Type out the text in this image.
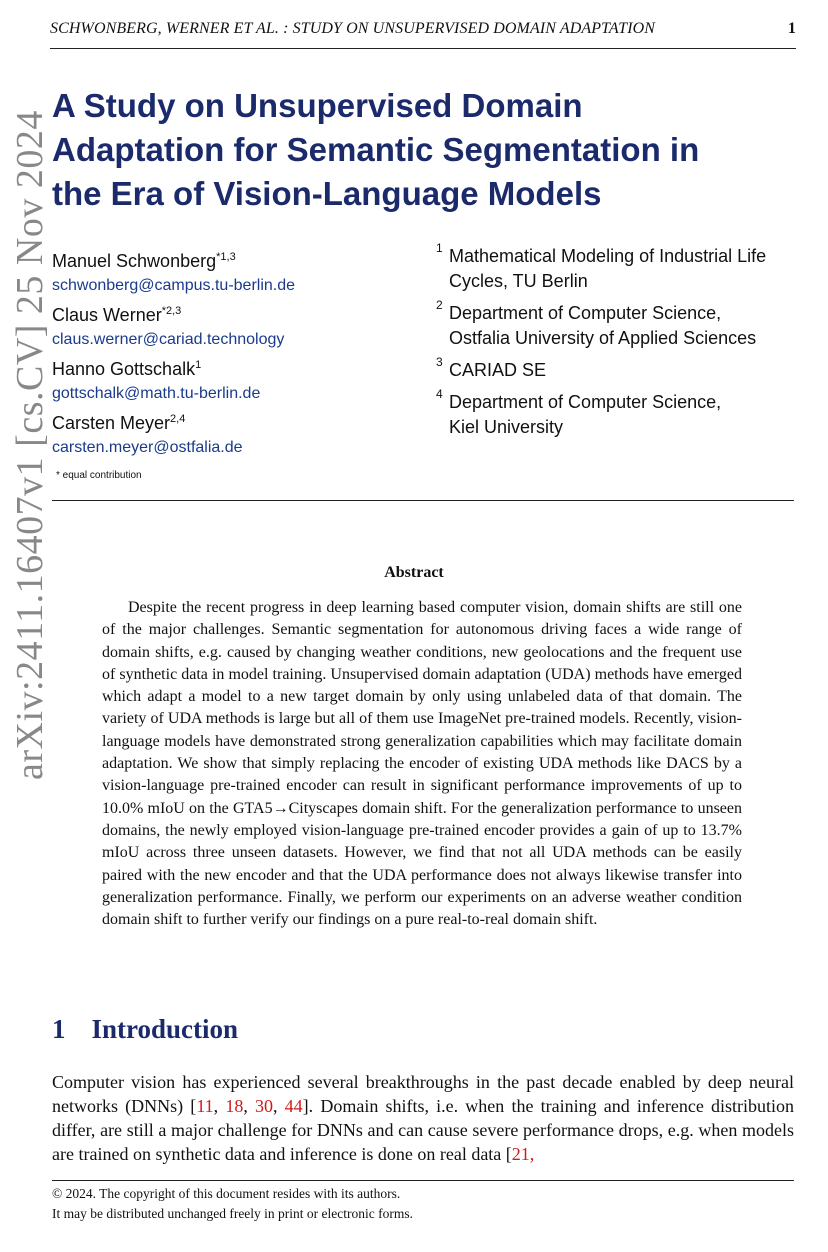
SCHWONBERG, WERNER ET AL. : STUDY ON UNSUPERVISED DOMAIN ADAPTATION	1
arXiv:2411.16407v1 [cs.CV] 25 Nov 2024
A Study on Unsupervised Domain
Adaptation for Semantic Segmentation in
the Era of Vision-Language Models
Manuel Schwonberg$^{*1,3}$
schwonberg@campus.tu-berlin.de
Claus Werner$^{*2,3}$
claus.werner@cariad.technology
Hanno Gottschalk$^1$
gottschalk@math.tu-berlin.de
Carsten Meyer$^{2,4}$
carsten.meyer@ostfalia.de
* equal contribution
1 Mathematical Modeling of Industrial Life
Cycles, TU Berlin
2 Department of Computer Science,
Ostfalia University of Applied Sciences
3 CARIAD SE
4 Department of Computer Science,
Kiel University
Abstract

Despite the recent progress in deep learning based computer vision, domain shifts are still one of the major challenges. Semantic segmentation for autonomous driving faces a wide range of domain shifts, e.g. caused by changing weather conditions, new geolocations and the frequent use of synthetic data in model training. Unsupervised domain adaptation (UDA) methods have emerged which adapt a model to a new target domain by only using unlabeled data of that domain. The variety of UDA methods is large but all of them use ImageNet pre-trained models. Recently, vision-language models have demonstrated strong generalization capabilities which may facilitate domain adaptation. We show that simply replacing the encoder of existing UDA methods like DACS by a vision-language pre-trained encoder can result in significant performance improvements of up to 10.0% mIoU on the GTA5→Cityscapes domain shift. For the generalization performance to unseen domains, the newly employed vision-language pre-trained encoder provides a gain of up to 13.7% mIoU across three unseen datasets. However, we find that not all UDA methods can be easily paired with the new encoder and that the UDA performance does not always likewise transfer into generalization performance. Finally, we perform our experiments on an adverse weather condition domain shift to further verify our findings on a pure real-to-real domain shift.

1 Introduction

Computer vision has experienced several breakthroughs in the past decade enabled by deep neural networks (DNNs) [11, 18, 30, 44]. Domain shifts, i.e. when the training and inference distribution differ, are still a major challenge for DNNs and can cause severe performance drops, e.g. when models are trained on synthetic data and inference is done on real data [21,

© 2024. The copyright of this document resides with its authors.
It may be distributed unchanged freely in print or electronic forms.
